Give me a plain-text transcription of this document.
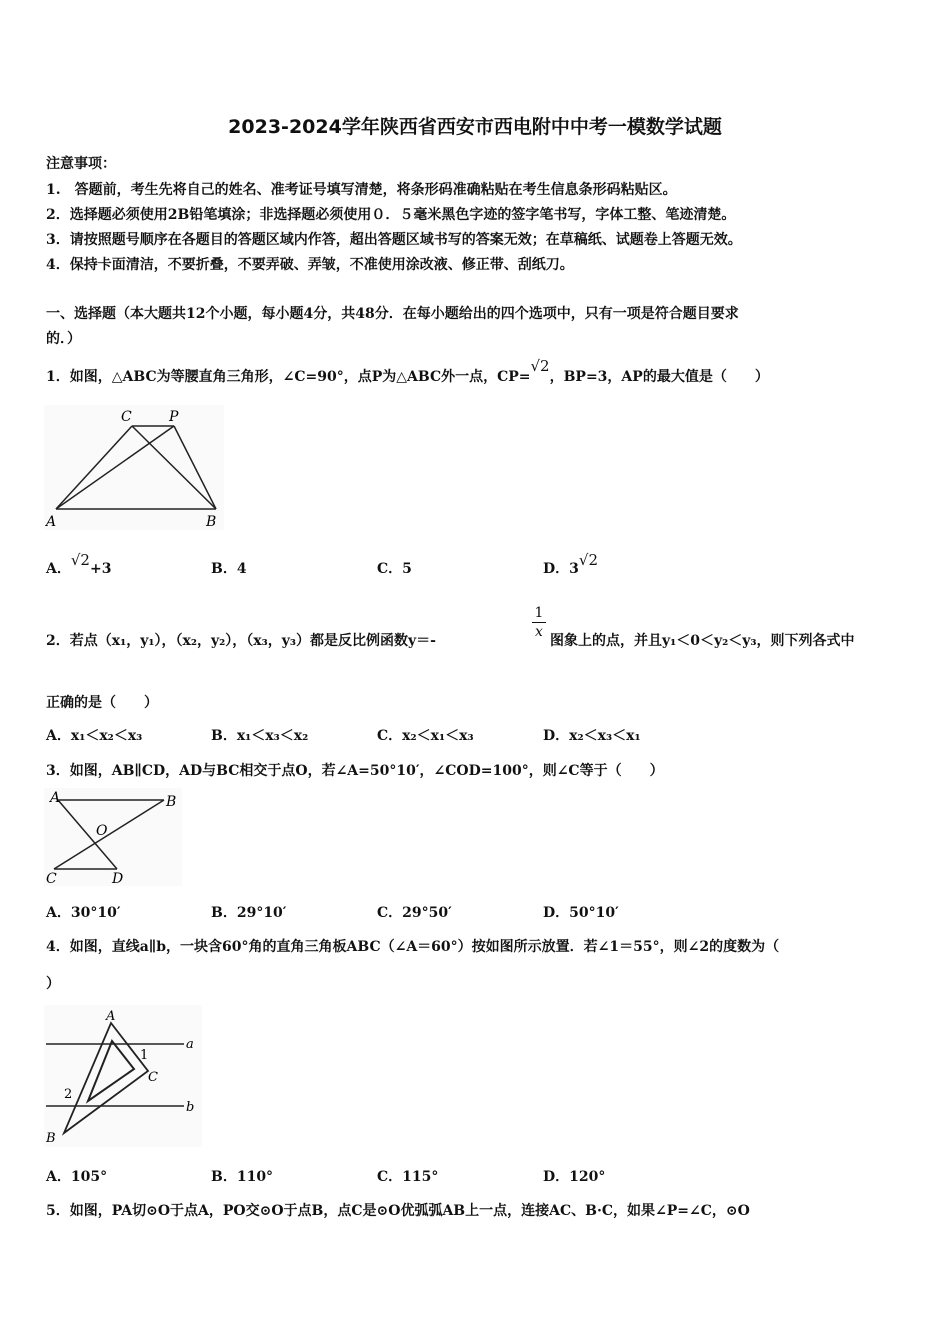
2023-2024学年陕西省西安市西电附中中考一模数学试题
注意事项：
1.　答题前，考生先将自己的姓名、准考证号填写清楚，将条形码准确粘贴在考生信息条形码粘贴区。
2．选择题必须使用2B铅笔填涂；非选择题必须使用０．５毫米黑色字迹的签字笔书写，字体工整、笔迹清楚。
3．请按照题号顺序在各题目的答题区域内作答，超出答题区域书写的答案无效；在草稿纸、试题卷上答题无效。
4．保持卡面清洁，不要折叠，不要弄破、弄皱，不准使用涂改液、修正带、刮纸刀。
一、选择题（本大题共12个小题，每小题4分，共48分．在每小题给出的四个选项中，只有一项是符合题目要求
的．）
1．如图，△ABC为等腰直角三角形，∠C=90°，点P为△ABC外一点，CP=√2，BP=3，AP的最大值是（　　）
C	P
A	B
A．√2+3	B．4	C．5	D．3√2
2．若点（x₁，y₁），（x₂，y₂），（x₃，y₃）都是反比例函数y＝-	$\frac{1}{x}$ 图象上的点，并且y₁＜0＜y₂＜y₃，则下列各式中
正确的是（　　）
A．x₁＜x₂＜x₃	B．x₁＜x₃＜x₂	C．x₂＜x₁＜x₃	D．x₂＜x₃＜x₁
3．如图，AB∥CD，AD与BC相交于点O，若∠A=50°10′，∠COD=100°，则∠C等于（　　）
A	B
O
C	D
A．30°10′	B．29°10′	C．29°50′	D．50°10′
4．如图，直线a∥b，一块含60°角的直角三角板ABC（∠A＝60°）按如图所示放置．若∠1＝55°，则∠2的度数为（
）
A
1
a
C
2
b
B
A．105°	B．110°	C．115°	D．120°
5．如图，PA切⊙O于点A，PO交⊙O于点B，点C是⊙O优弧弧AB上一点，连接AC、B·C，如果∠P=∠C，⊙O
